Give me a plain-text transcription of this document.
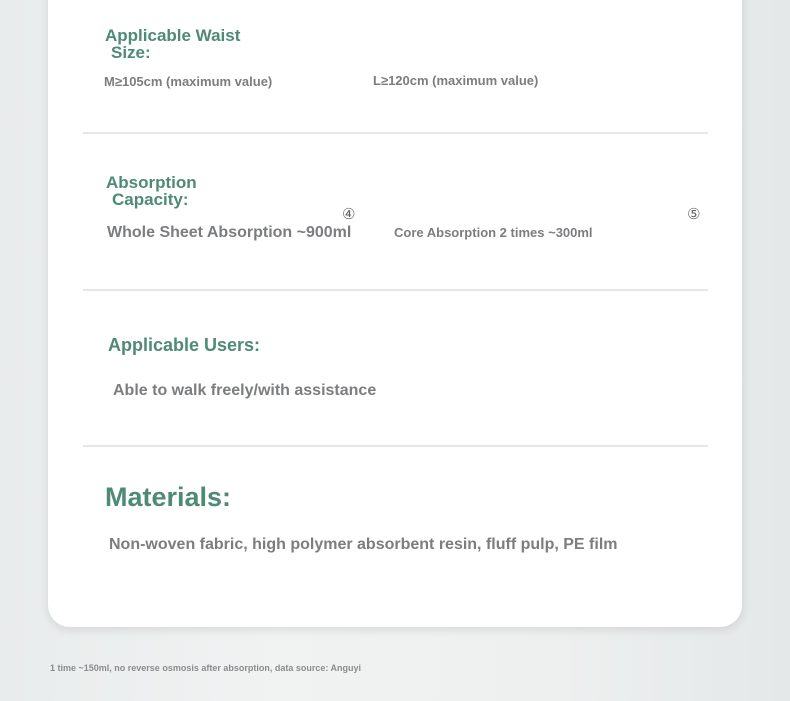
Applicable Waist
Size:

M≥105cm (maximum value)	L≥120cm (maximum value)

Absorption
Capacity:
④	⑤

Whole Sheet Absorption ~900ml	Core Absorption 2 times ~300ml

Applicable Users:

Able to walk freely/with assistance

Materials:

Non-woven fabric, high polymer absorbent resin, fluff pulp, PE film

1 time ~150ml, no reverse osmosis after absorption, data source: Anguyi
